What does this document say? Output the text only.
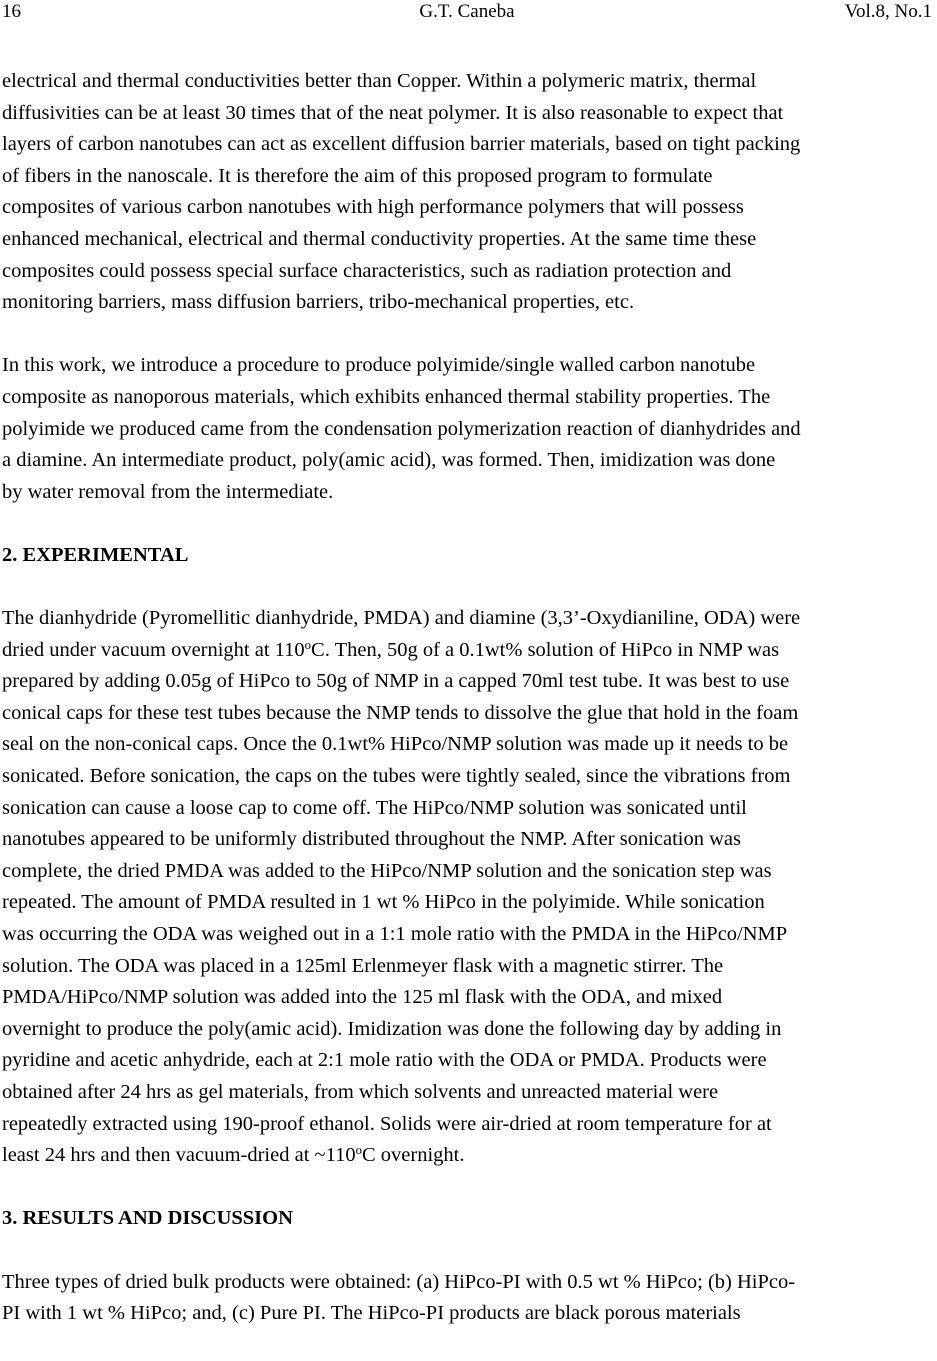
16	G.T. Caneba	Vol.8, No.1

electrical and thermal conductivities better than Copper. Within a polymeric matrix, thermal
diffusivities can be at least 30 times that of the neat polymer. It is also reasonable to expect that
layers of carbon nanotubes can act as excellent diffusion barrier materials, based on tight packing
of fibers in the nanoscale. It is therefore the aim of this proposed program to formulate
composites of various carbon nanotubes with high performance polymers that will possess
enhanced mechanical, electrical and thermal conductivity properties. At the same time these
composites could possess special surface characteristics, such as radiation protection and
monitoring barriers, mass diffusion barriers, tribo-mechanical properties, etc.

In this work, we introduce a procedure to produce polyimide/single walled carbon nanotube
composite as nanoporous materials, which exhibits enhanced thermal stability properties. The
polyimide we produced came from the condensation polymerization reaction of dianhydrides and
a diamine. An intermediate product, poly(amic acid), was formed. Then, imidization was done
by water removal from the intermediate.

2. EXPERIMENTAL

The dianhydride (Pyromellitic dianhydride, PMDA) and diamine (3,3’-Oxydianiline, ODA) were
dried under vacuum overnight at 110$^o$C. Then, 50g of a 0.1wt% solution of HiPco in NMP was
prepared by adding 0.05g of HiPco to 50g of NMP in a capped 70ml test tube. It was best to use
conical caps for these test tubes because the NMP tends to dissolve the glue that hold in the foam
seal on the non-conical caps. Once the 0.1wt% HiPco/NMP solution was made up it needs to be
sonicated. Before sonication, the caps on the tubes were tightly sealed, since the vibrations from
sonication can cause a loose cap to come off. The HiPco/NMP solution was sonicated until
nanotubes appeared to be uniformly distributed throughout the NMP. After sonication was
complete, the dried PMDA was added to the HiPco/NMP solution and the sonication step was
repeated. The amount of PMDA resulted in 1 wt % HiPco in the polyimide. While sonication
was occurring the ODA was weighed out in a 1:1 mole ratio with the PMDA in the HiPco/NMP
solution. The ODA was placed in a 125ml Erlenmeyer flask with a magnetic stirrer. The
PMDA/HiPco/NMP solution was added into the 125 ml flask with the ODA, and mixed
overnight to produce the poly(amic acid). Imidization was done the following day by adding in
pyridine and acetic anhydride, each at 2:1 mole ratio with the ODA or PMDA. Products were
obtained after 24 hrs as gel materials, from which solvents and unreacted material were
repeatedly extracted using 190-proof ethanol. Solids were air-dried at room temperature for at
least 24 hrs and then vacuum-dried at ~110$^o$C overnight.

3. RESULTS AND DISCUSSION

Three types of dried bulk products were obtained: (a) HiPco-PI with 0.5 wt % HiPco; (b) HiPco-
PI with 1 wt % HiPco; and, (c) Pure PI. The HiPco-PI products are black porous materials
